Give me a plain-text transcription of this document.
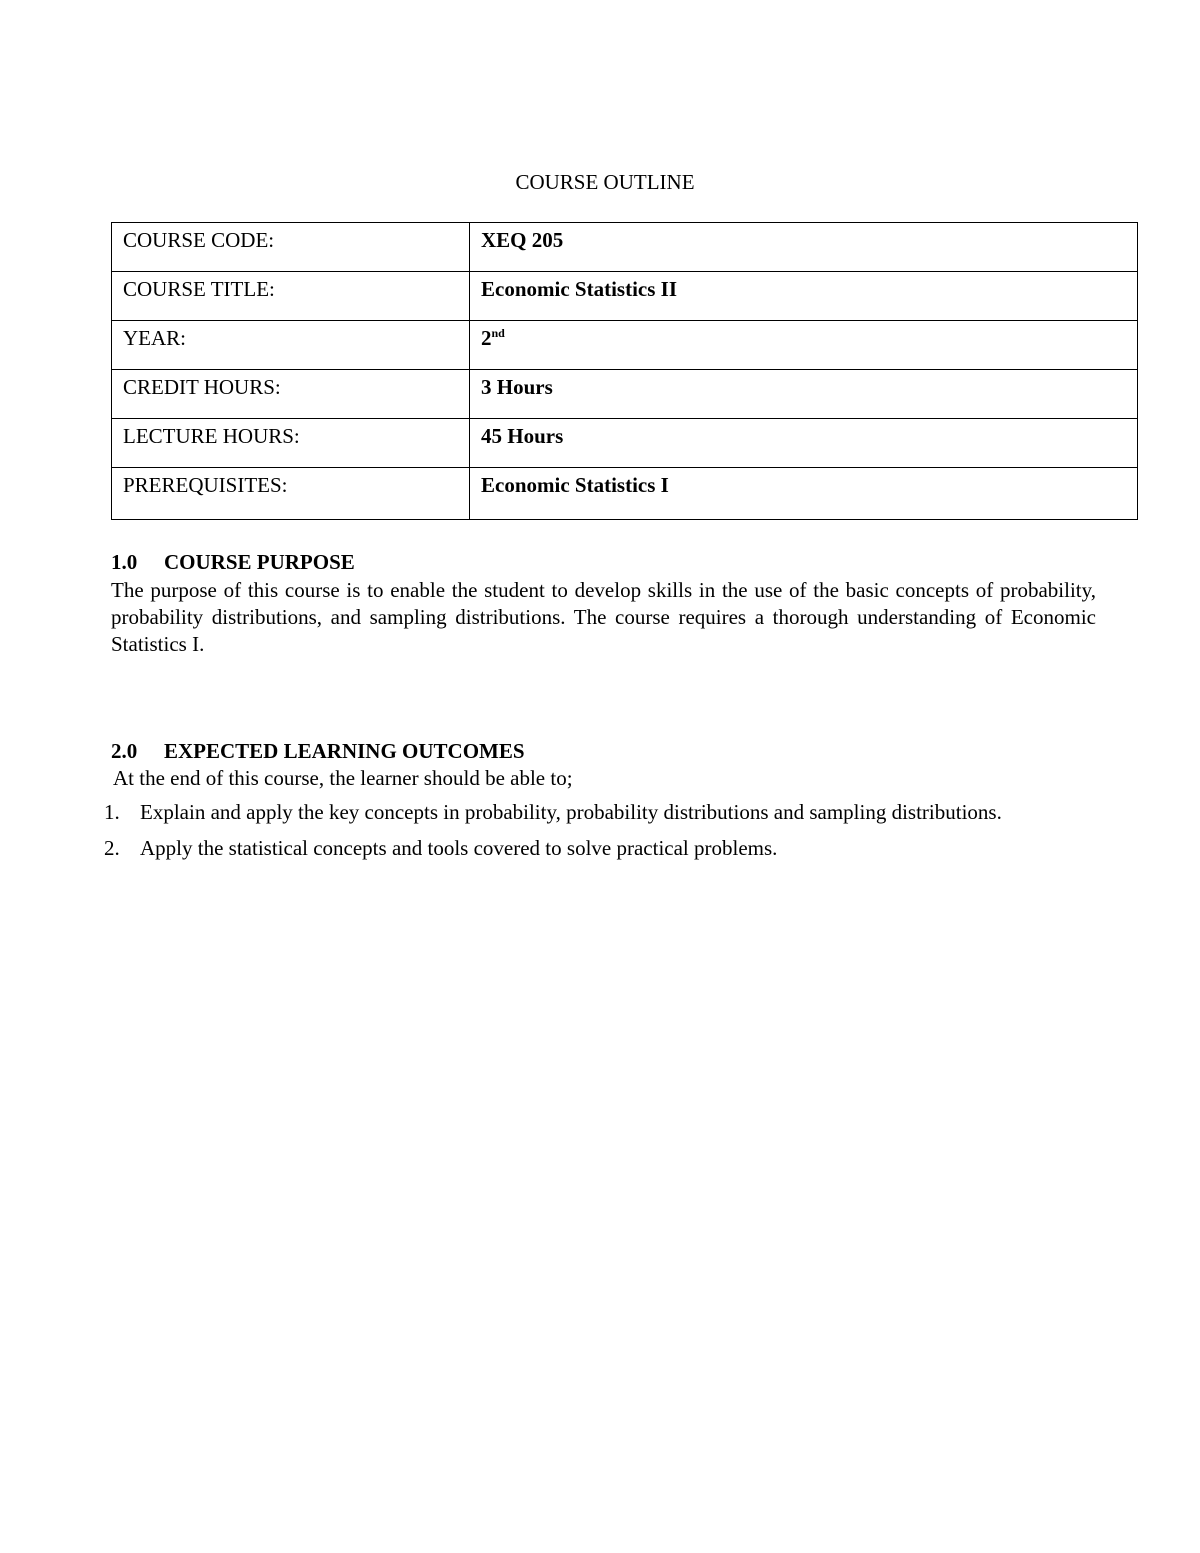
COURSE OUTLINE
COURSE CODE:	XEQ 205
COURSE TITLE:	Economic Statistics II
YEAR:	2nd
CREDIT HOURS:	3 Hours
LECTURE HOURS:	45 Hours
PREREQUISITES:	Economic Statistics I
1.0 COURSE PURPOSE

The purpose of this course is to enable the student to develop skills in the use of the basic concepts of probability, probability distributions, and sampling distributions. The course requires a thorough understanding of Economic Statistics I.

2.0 EXPECTED LEARNING OUTCOMES
At the end of this course, the learner should be able to;
1. Explain and apply the key concepts in probability, probability distributions and sampling distributions.
2. Apply the statistical concepts and tools covered to solve practical problems.
